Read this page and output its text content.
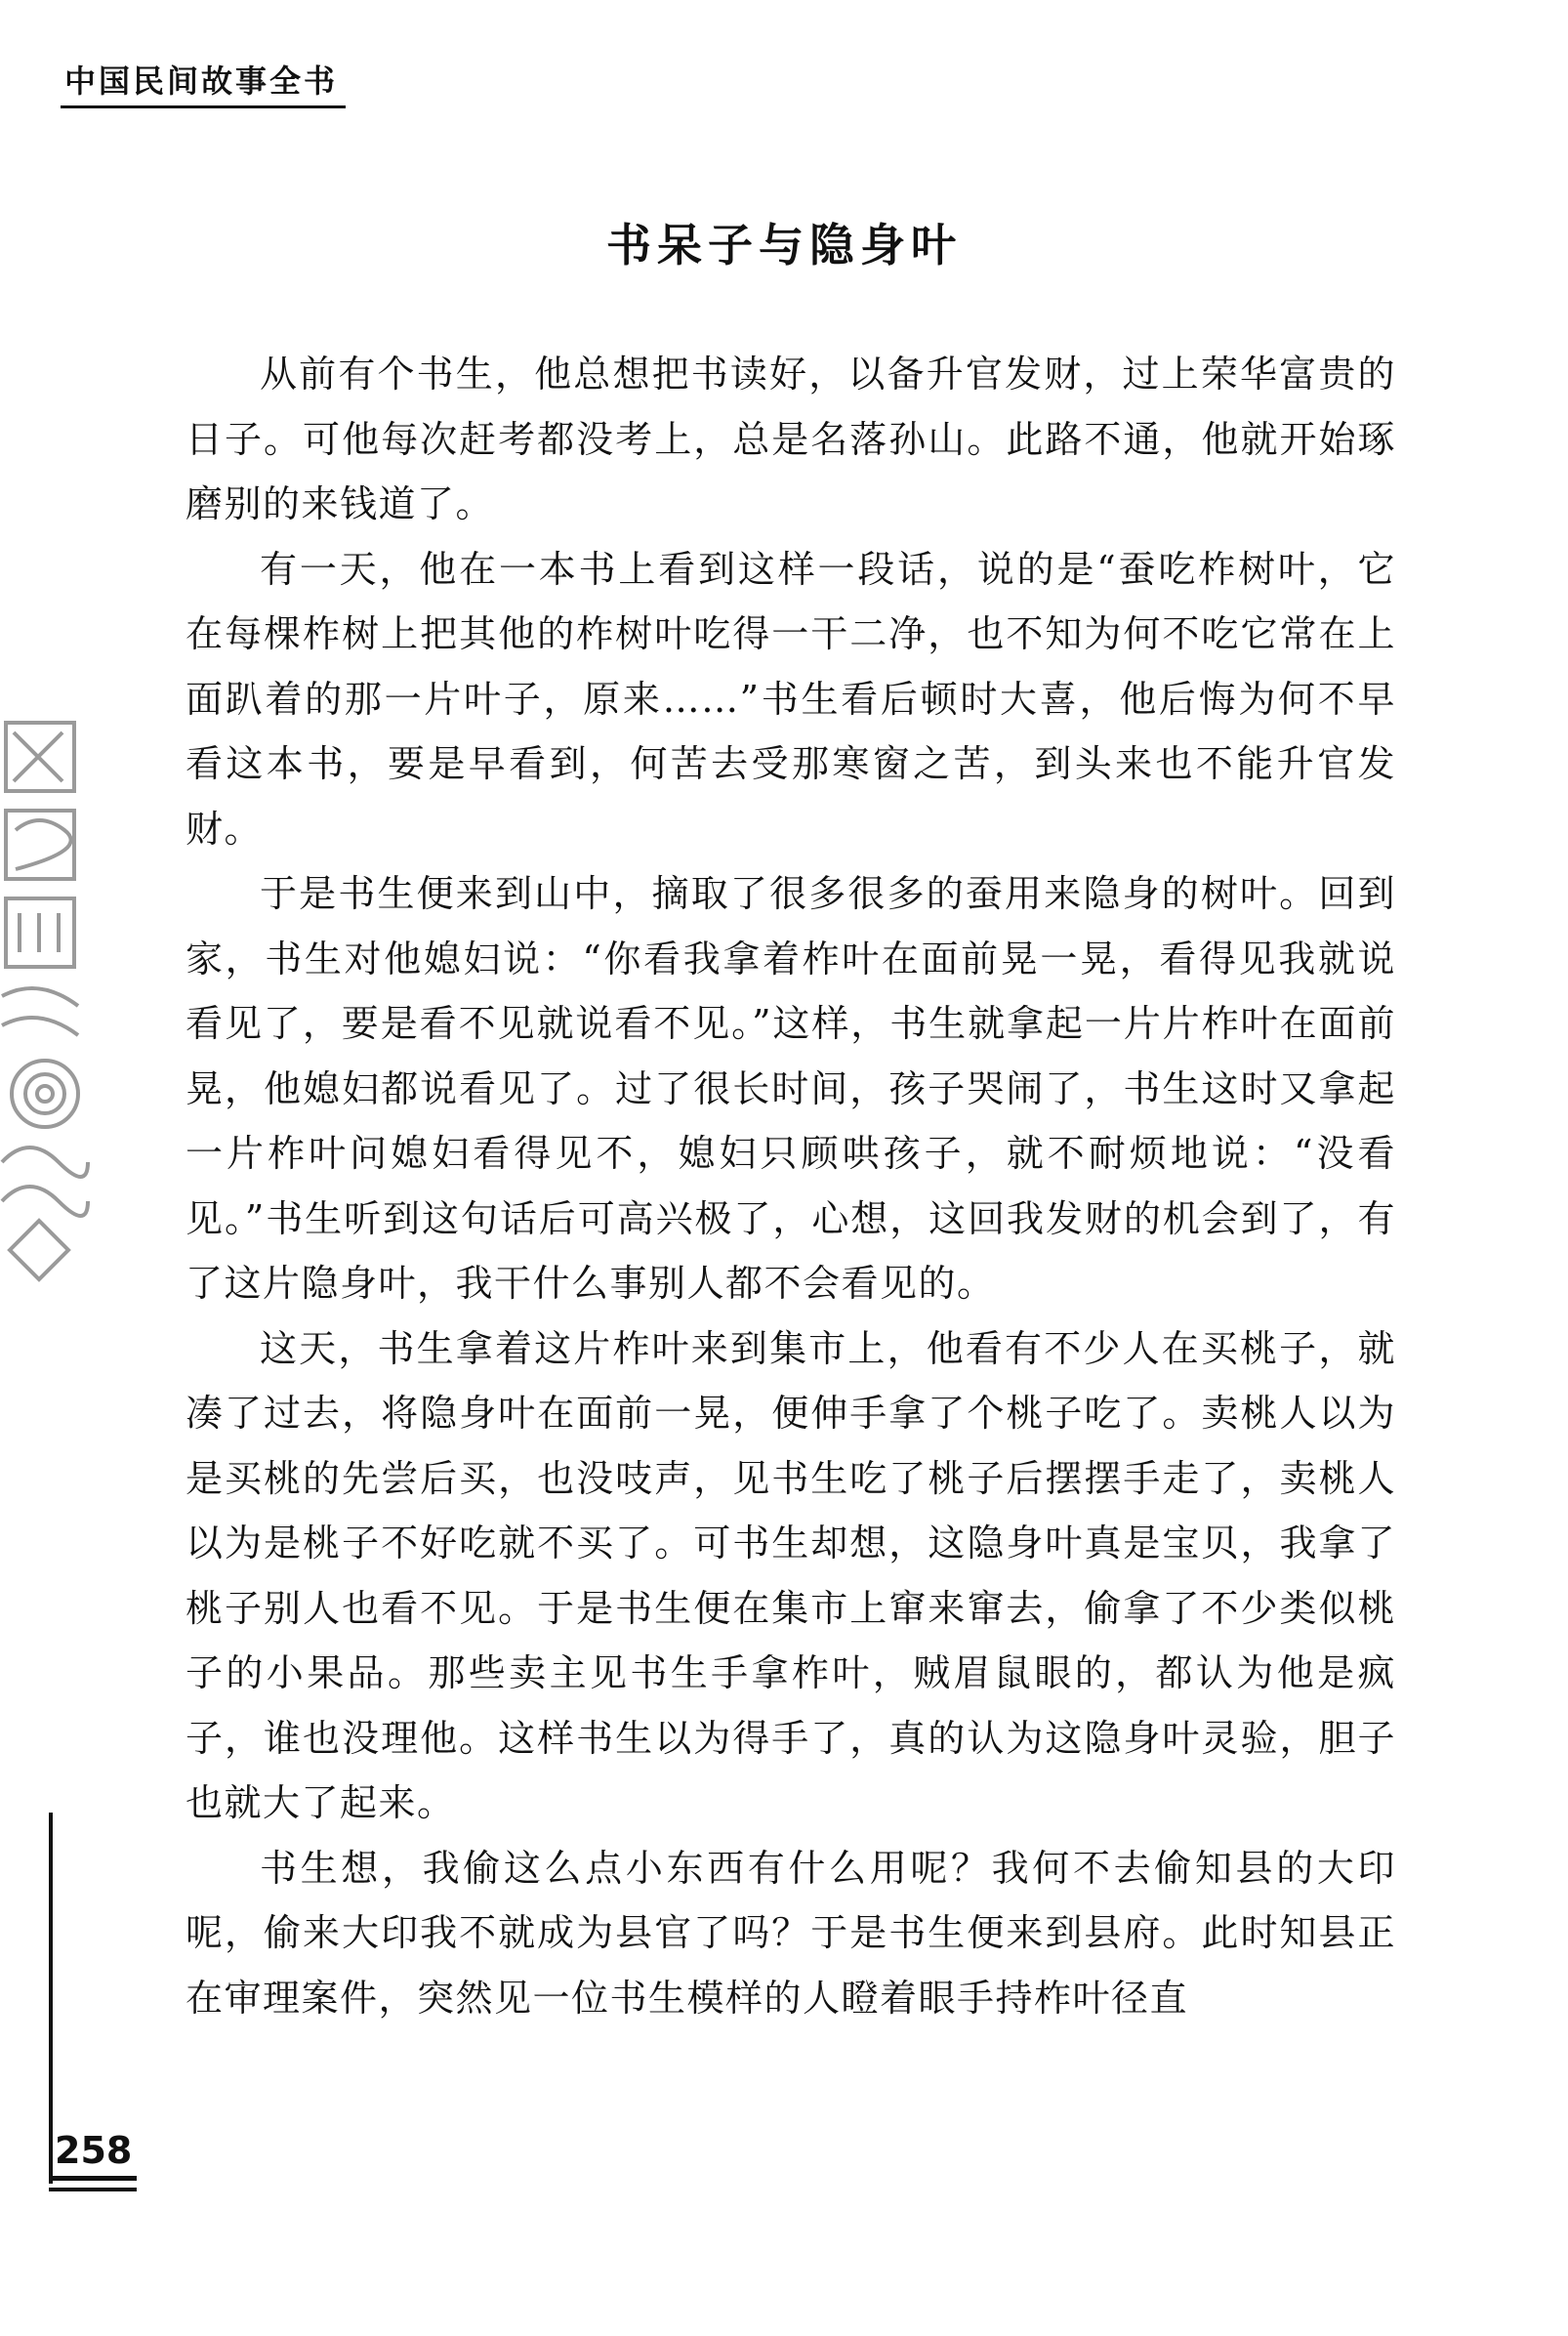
中国民间故事全书
书呆子与隐身叶

从前有个书生，他总想把书读好，以备升官发财，过上荣华富贵的日子。可他每次赶考都没考上，总是名落孙山。此路不通，他就开始琢磨别的来钱道了。

有一天，他在一本书上看到这样一段话，说的是“蚕吃柞树叶，它在每棵柞树上把其他的柞树叶吃得一干二净，也不知为何不吃它常在上面趴着的那一片叶子，原来……”书生看后顿时大喜，他后悔为何不早看这本书，要是早看到，何苦去受那寒窗之苦，到头来也不能升官发财。

于是书生便来到山中，摘取了很多很多的蚕用来隐身的树叶。回到家，书生对他媳妇说：“你看我拿着柞叶在面前晃一晃，看得见我就说看见了，要是看不见就说看不见。”这样，书生就拿起一片片柞叶在面前晃，他媳妇都说看见了。过了很长时间，孩子哭闹了，书生这时又拿起一片柞叶问媳妇看得见不，媳妇只顾哄孩子，就不耐烦地说：“没看见。”书生听到这句话后可高兴极了，心想，这回我发财的机会到了，有了这片隐身叶，我干什么事别人都不会看见的。

这天，书生拿着这片柞叶来到集市上，他看有不少人在买桃子，就凑了过去，将隐身叶在面前一晃，便伸手拿了个桃子吃了。卖桃人以为是买桃的先尝后买，也没吱声，见书生吃了桃子后摆摆手走了，卖桃人以为是桃子不好吃就不买了。可书生却想，这隐身叶真是宝贝，我拿了桃子别人也看不见。于是书生便在集市上窜来窜去，偷拿了不少类似桃子的小果品。那些卖主见书生手拿柞叶，贼眉鼠眼的，都认为他是疯子，谁也没理他。这样书生以为得手了，真的认为这隐身叶灵验，胆子也就大了起来。

书生想，我偷这么点小东西有什么用呢？我何不去偷知县的大印呢，偷来大印我不就成为县官了吗？于是书生便来到县府。此时知县正在审理案件，突然见一位书生模样的人瞪着眼手持柞叶径直

258
